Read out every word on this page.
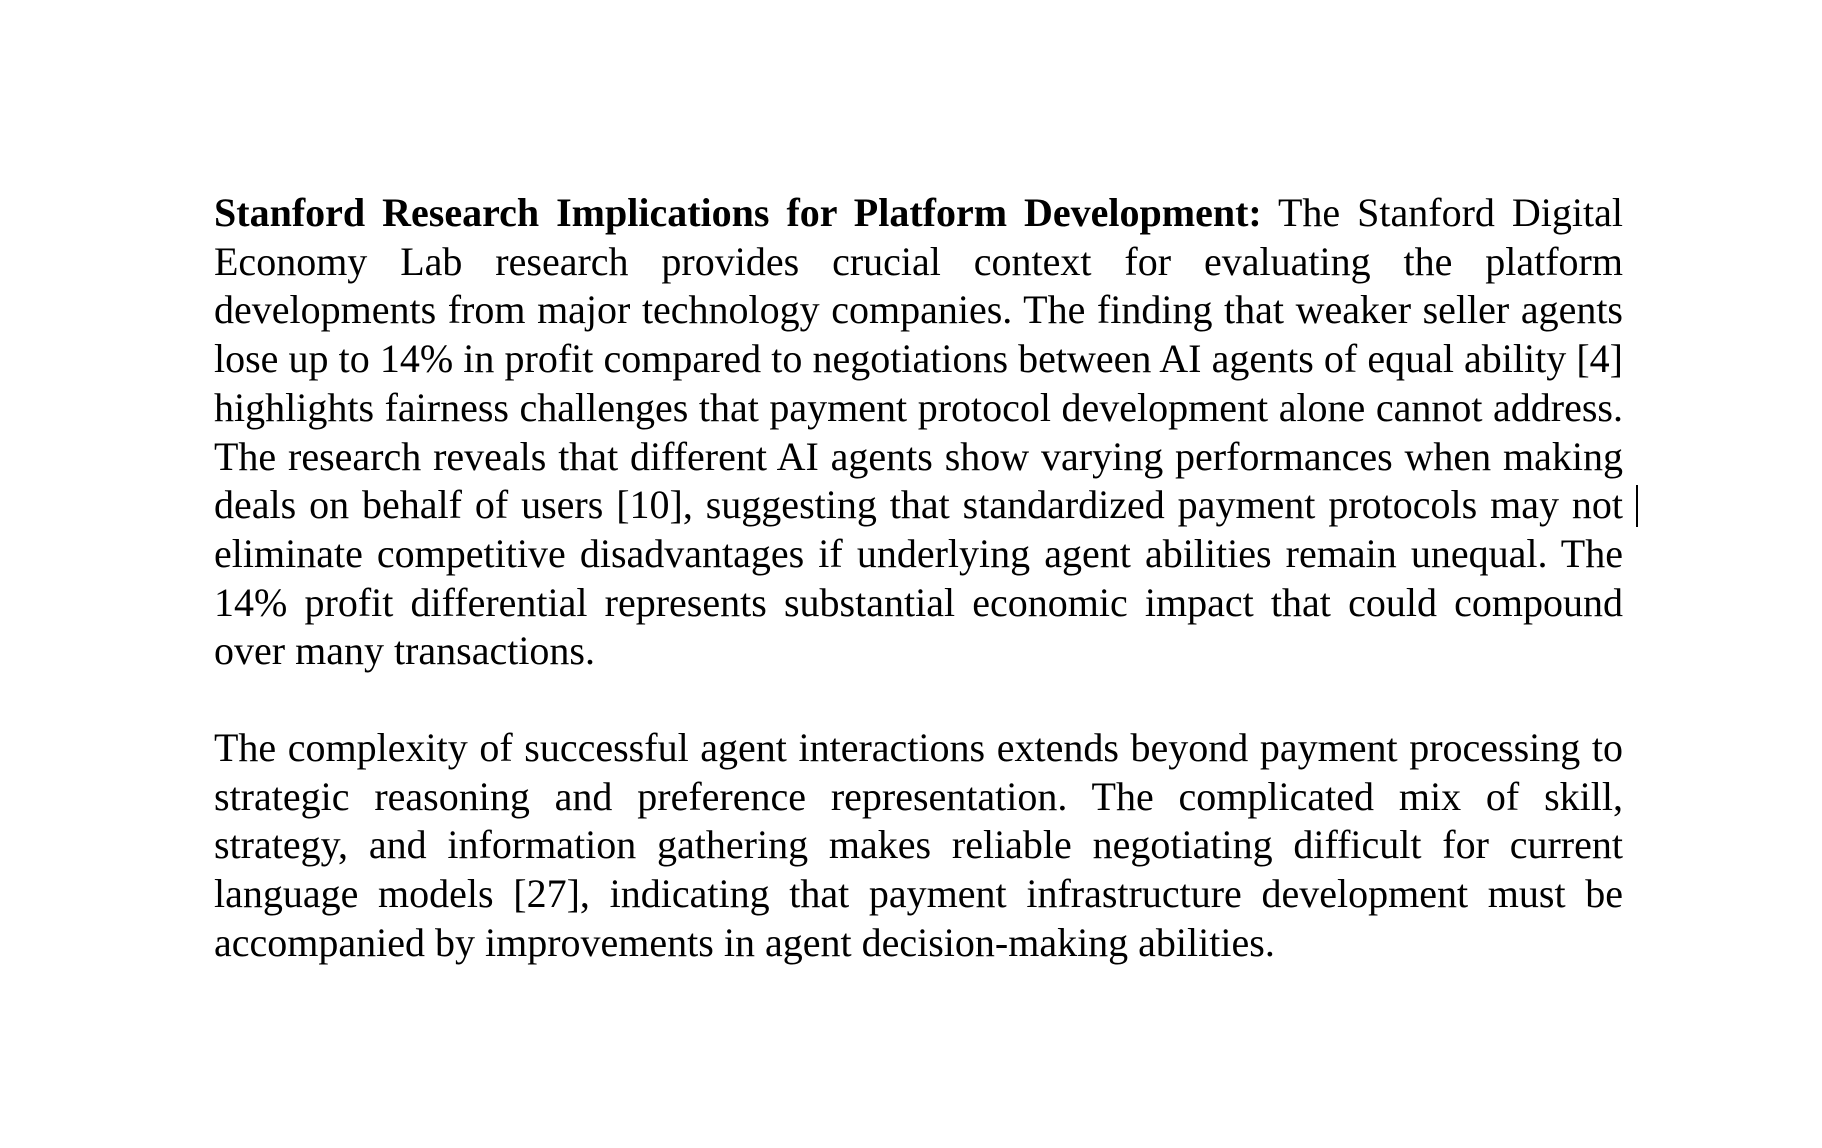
Stanford Research Implications for Platform Development: The Stanford Digital Economy Lab research provides crucial context for evaluating the platform developments from major technology companies. The finding that weaker seller agents lose up to 14% in profit compared to negotiations between AI agents of equal ability [4] highlights fairness challenges that payment protocol development alone cannot address. The research reveals that different AI agents show varying performances when making deals on behalf of users [10], suggesting that standardized payment protocols may not eliminate competitive disadvantages if underlying agent abilities remain unequal. The 14% profit differential represents substantial economic impact that could compound over many transactions.

The complexity of successful agent interactions extends beyond payment processing to strategic reasoning and preference representation. The complicated mix of skill, strategy, and information gathering makes reliable negotiating difficult for current language models [27], indicating that payment infrastructure development must be accompanied by improvements in agent decision-making abilities.
